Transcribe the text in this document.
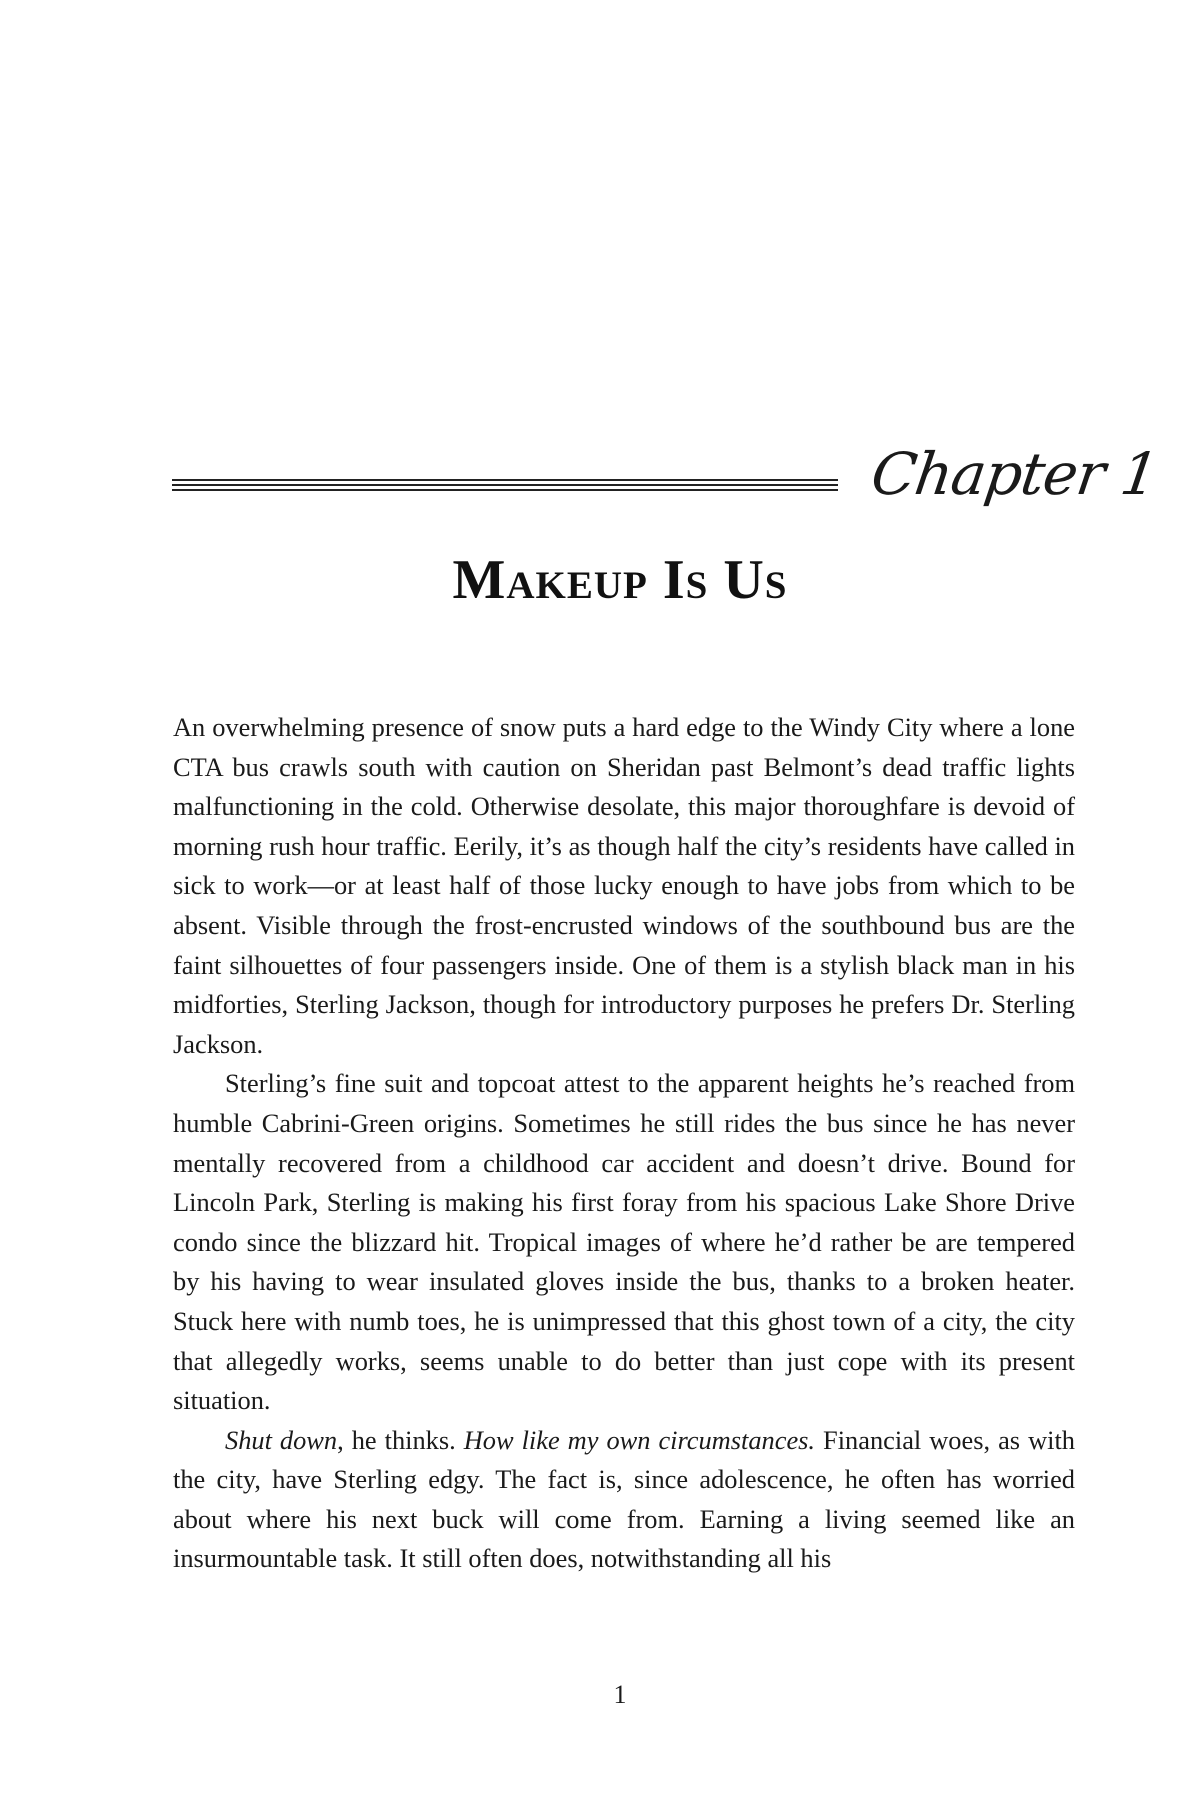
Chapter 1
Makeup Is Us

An overwhelming presence of snow puts a hard edge to the Windy City where a lone CTA bus crawls south with caution on Sheridan past Belmont’s dead traffic lights malfunctioning in the cold. Otherwise desolate, this major thoroughfare is devoid of morning rush hour traffic. Eerily, it’s as though half the city’s residents have called in sick to work—or at least half of those lucky enough to have jobs from which to be absent. Visible through the frost-encrusted windows of the southbound bus are the faint silhouettes of four passengers inside. One of them is a stylish black man in his midforties, Sterling Jackson, though for introductory purposes he prefers Dr. Sterling Jackson.

Sterling’s fine suit and topcoat attest to the apparent heights he’s reached from humble Cabrini-Green origins. Sometimes he still rides the bus since he has never mentally recovered from a childhood car accident and doesn’t drive. Bound for Lincoln Park, Sterling is making his first foray from his spacious Lake Shore Drive condo since the blizzard hit. Tropical images of where he’d rather be are tempered by his having to wear insulated gloves inside the bus, thanks to a broken heater. Stuck here with numb toes, he is unimpressed that this ghost town of a city, the city that allegedly works, seems unable to do better than just cope with its present situation.

Shut down, he thinks. How like my own circumstances. Financial woes, as with the city, have Sterling edgy. The fact is, since adolescence, he often has worried about where his next buck will come from. Earning a living seemed like an insurmountable task. It still often does, notwithstanding all his

1
